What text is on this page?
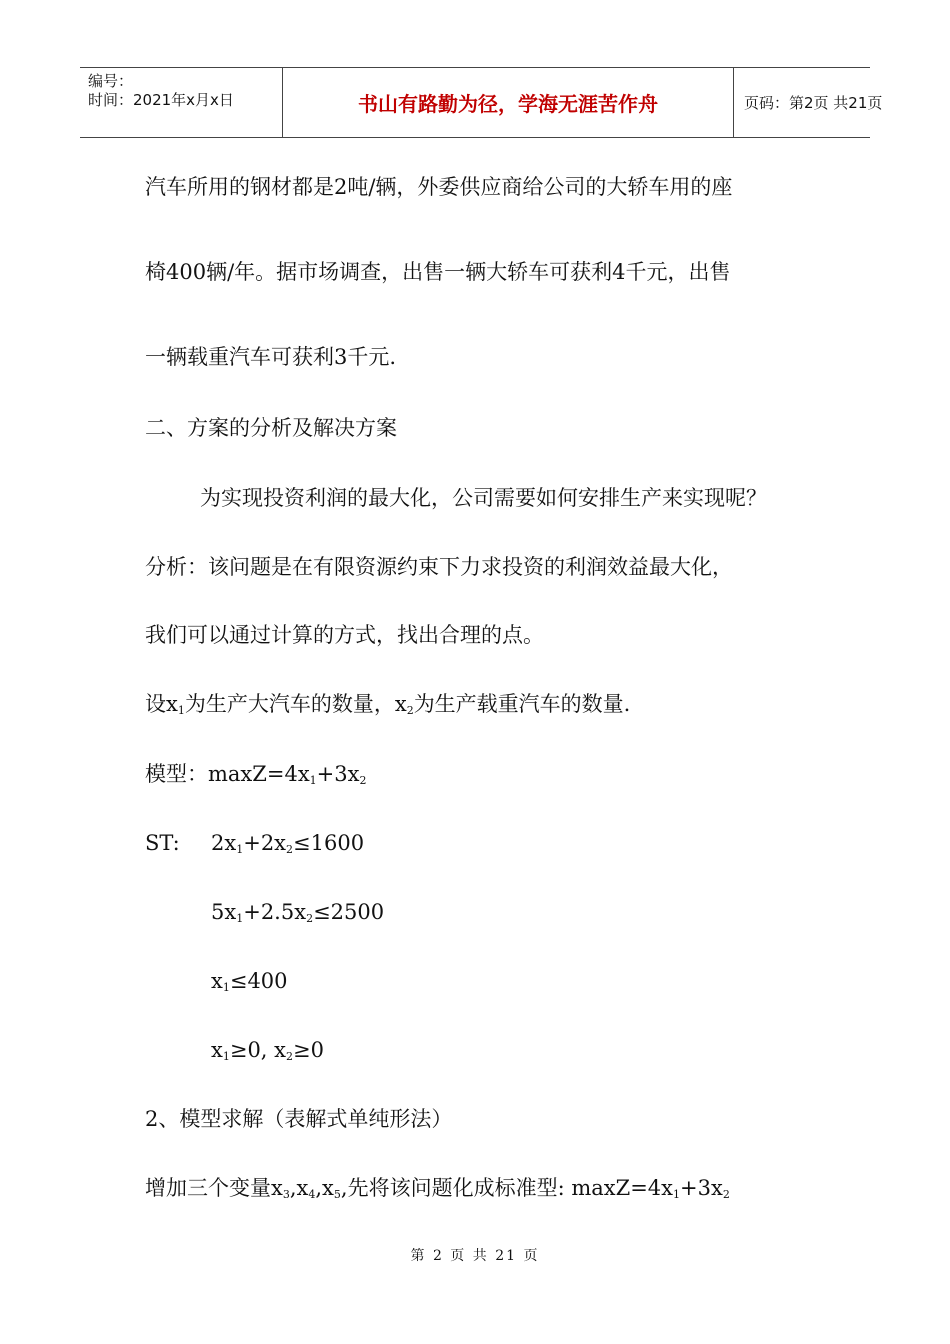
编号：
时间：2021年x月x日	书山有路勤为径，学海无涯苦作舟	页码：第2页 共21页
汽车所用的钢材都是2吨/辆，外委供应商给公司的大轿车用的座
椅400辆/年。据市场调查，出售一辆大轿车可获利4千元，出售
一辆载重汽车可获利3千元.
二、方案的分析及解决方案
为实现投资利润的最大化，公司需要如何安排生产来实现呢？
分析：该问题是在有限资源约束下力求投资的利润效益最大化，
我们可以通过计算的方式，找出合理的点。
设$x_1$为生产大汽车的数量，$x_2$为生产载重汽车的数量.
模型：$\max Z=4x_1+3x_2$
ST: $2x_1+2x_2\le 1600$
$5x_1+2.5x_2\le 2500$
$x_1\le 400$
$x_1\ge 0$, $x_2\ge 0$
2、模型求解（表解式单纯形法）
增加三个变量$x_3,x_4,x_5$,先将该问题化成标准型: $\max Z=4x_1+3x_2$
第 2 页 共 21 页
